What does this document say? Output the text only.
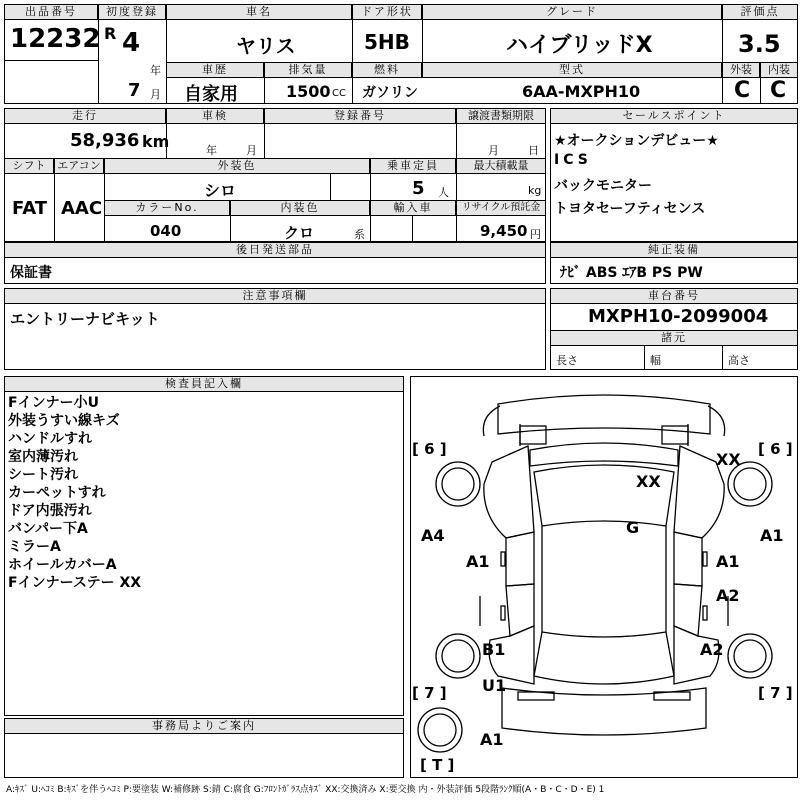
出品番号
12232
初度登録
R 4
年
7 月
車名
ヤリス
ドア形状
5HB
グレード
ハイブリッドX
評価点
3.5
車歴
自家用
排気量
1500 CC
燃料
ガソリン
型式
6AA-MXPH10
外装	内装
C C
走行
58,936 km
車検
年	月
登録番号	譲渡書類期限
月	日
シフト	エアコン
FAT AAC
外装色
シロ
乗車定員
5 人
最大積載量
kg
カラーNo.
040
内装色
クロ	系
輸入車	リサイクル預託金
9,450 円
セールスポイント
★オークションデビュー★
ICS
バックモニター
トヨタセーフティセンス
後日発送部品
保証書
純正装備
ﾅﾋﾞ ABS ｴｱB PS PW
注意事項欄
エントリーナビキット
車台番号
MXPH10-2099004
諸元
長さ	幅	高さ
検査員記入欄
Fインナー小U
外装うすい線キズ
ハンドルすれ
室内薄汚れ
シート汚れ
カーペットすれ
ドア内張汚れ
バンパー下A
ミラーA
ホイールカバーA
Fインナーステー XX
事務局よりご案内
[ 6 ]	[ 6 ]
[ 7 ]	[ 7 ]
[ T ]
XX
XX
G
A4	A1
A1	A1
A2
B1	A2
U1
A1
A:ｷｽﾞ U:ﾍｺﾐ B:ｷｽﾞを伴うﾍｺﾐ P:要塗装 W:補修跡 S:錆 C:腐食 G:ﾌﾛﾝﾄｶﾞﾗｽ点ｷｽﾞ XX:交換済み X:要交換 内・外装評価 5段階ﾗﾝｸ順(A・B・C・D・E) 1
